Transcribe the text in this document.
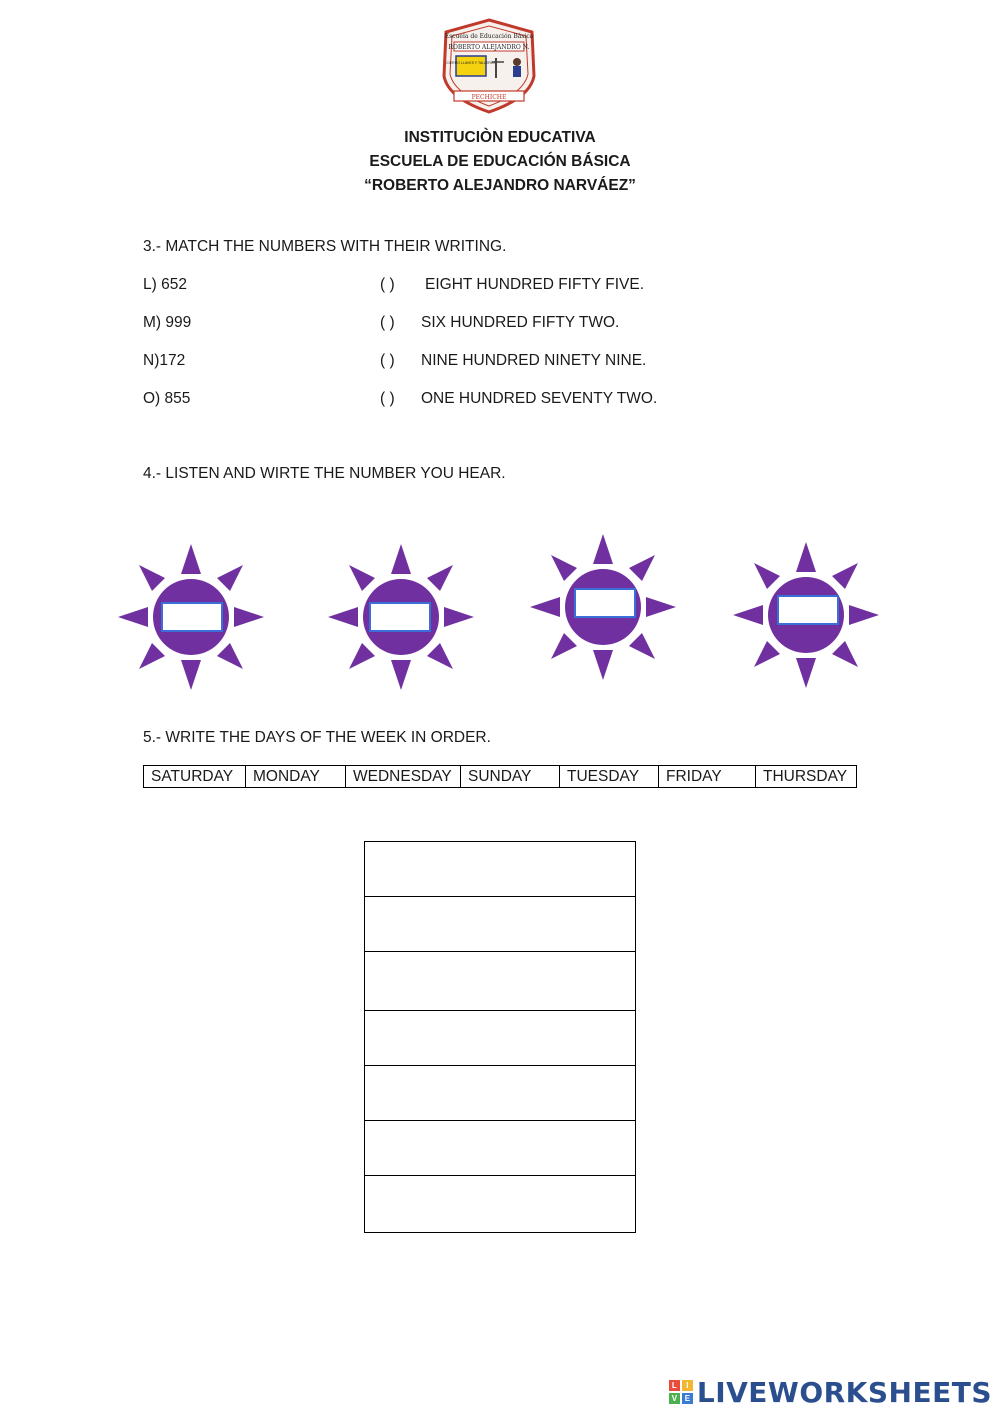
Escuela de Educación Básica
ROBERTO ALEJANDRO N.
CIERRO LLAVES Y TALLERES
PECHICHE
INSTITUCIÒN EDUCATIVA
ESCUELA DE EDUCACIÓN BÁSICA
“ROBERTO ALEJANDRO NARVÁEZ”
3.- MATCH THE NUMBERS WITH THEIR WRITING.
L) 652	( ) EIGHT HUNDRED FIFTY FIVE.
M) 999	( ) SIX HUNDRED FIFTY TWO.
N)172	( ) NINE HUNDRED NINETY NINE.
O) 855	( ) ONE HUNDRED SEVENTY TWO.
4.- LISTEN AND WIRTE THE NUMBER YOU HEAR.
5.- WRITE THE DAYS OF THE WEEK IN ORDER.
SATURDAY	MONDAY	WEDNESDAY	SUNDAY	TUESDAY	FRIDAY	THURSDAY

L	I
V E LIVEWORKSHEETS
